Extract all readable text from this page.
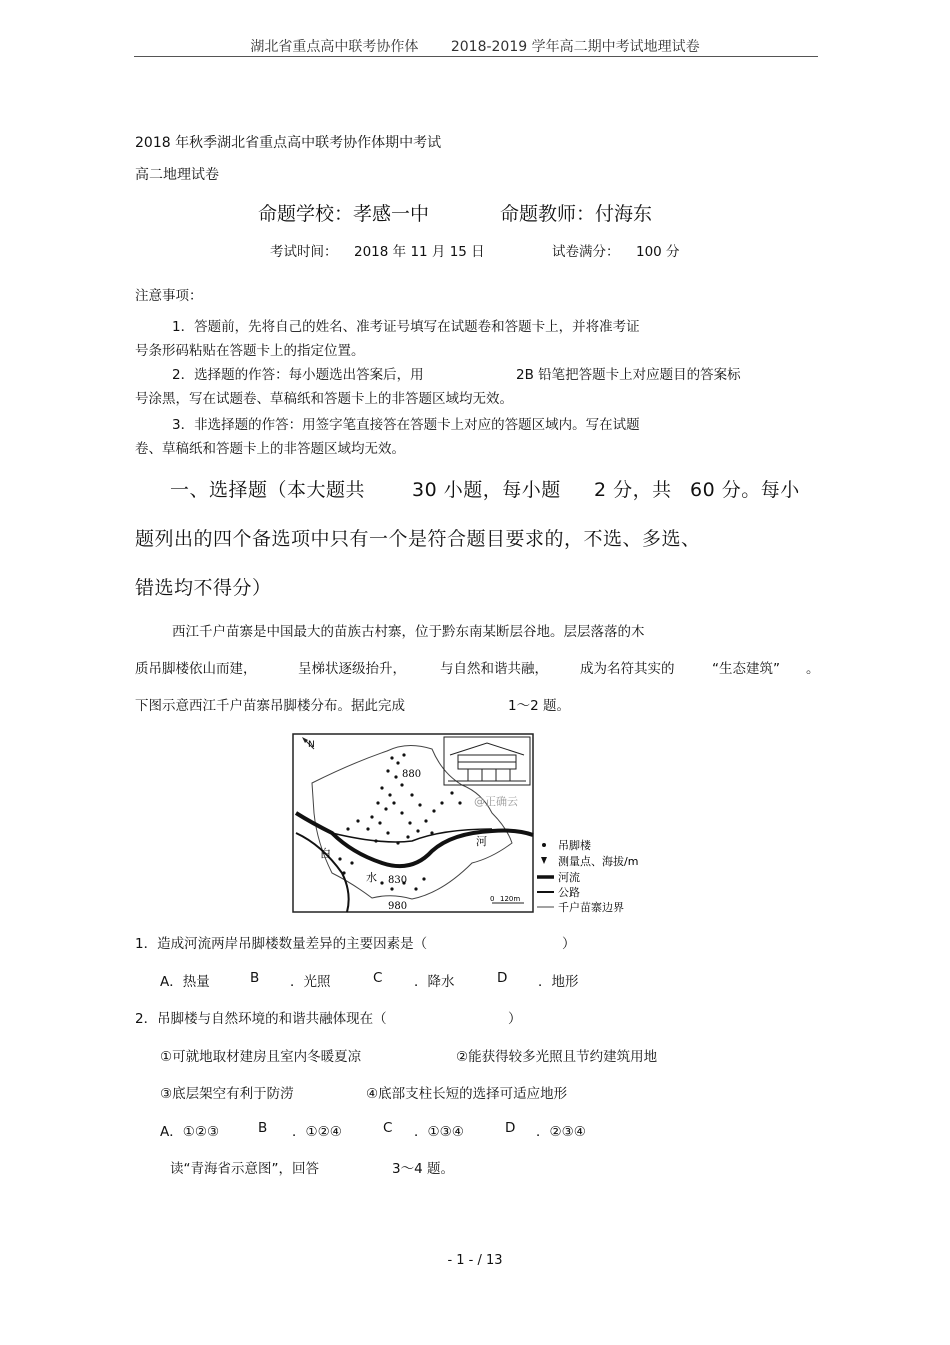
湖北省重点高中联考协作体 2018-2019 学年高二期中考试地理试卷
2018 年秋季湖北省重点高中联考协作体期中考试
高二地理试卷
命题学校：孝感一中	命题教师：付海东
考试时间： 2018 年 11 月 15 日	试卷满分： 100 分
注意事项：
1．答题前，先将自己的姓名、准考证号填写在试题卷和答题卡上，并将准考证
号条形码粘贴在答题卡上的指定位置。
2．选择题的作答：每小题选出答案后，用	2B 铅笔把答题卡上对应题目的答案标
号涂黑，写在试题卷、草稿纸和答题卡上的非答题区域均无效。
3．非选择题的作答：用签字笔直接答在答题卡上对应的答题区域内。写在试题
卷、草稿纸和答题卡上的非答题区域均无效。
一、选择题（本大题共 30 小题，每小题 2 分，共 60 分。每小
题列出的四个备选项中只有一个是符合题目要求的，不选、多选、
错选均不得分）
西江千户苗寨是中国最大的苗族古村寨，位于黔东南某断层谷地。层层落落的木
质吊脚楼依山而建，	呈梯状逐级抬升，	与自然和谐共融， 成为名符其实的	“生态建筑” 。
下图示意西江千户苗寨吊脚楼分布。据此完成	1～2 题。
N
880
830
980
河
白
水
@正确云
0 120m
吊脚楼
测量点、海拔/m
河流
公路
千户苗寨边界
1．造成河流两岸吊脚楼数量差异的主要因素是（	）
A．热量	B ．光照	C ．降水	D ．地形
2．吊脚楼与自然环境的和谐共融体现在（	）
①可就地取材建房且室内冬暖夏凉	②能获得较多光照且节约建筑用地
③底层架空有利于防涝	④底部支柱长短的选择可适应地形
A．①②③	B ．①②④	C ．①③④	D ．②③④
读“青海省示意图”，回答	3～4 题。
- 1 - / 13
